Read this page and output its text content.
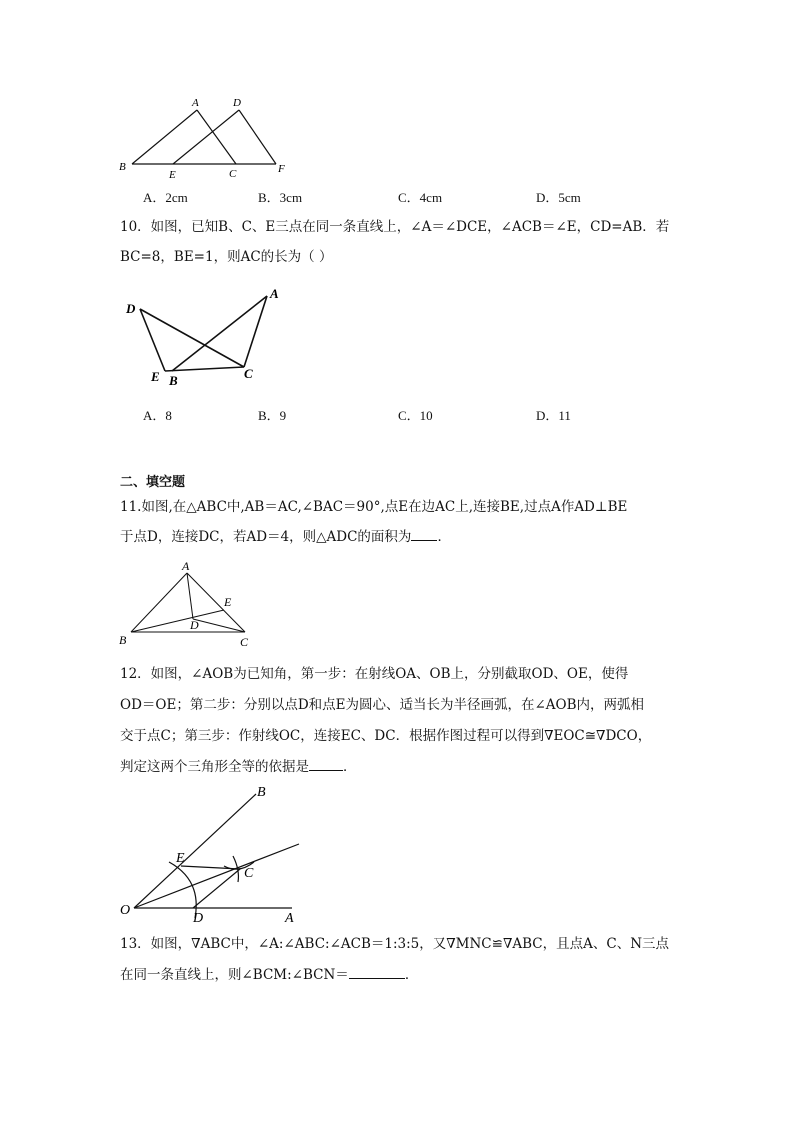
A	D
B
E	C	F
A．2cm	B．3cm	C．4cm	D．5cm
10．如图，已知B、C、E三点在同一条直线上，∠A＝∠DCE，∠ACB＝∠E，CD=AB．若
BC=8，BE=1，则AC的长为（ ）
D
A
E B	C
A．8	B．9	C．10	D．11
二、填空题
11.如图,在△ABC中,AB＝AC,∠BAC＝90°,点E在边AC上,连接BE,过点A作AD⊥BE
于点D，连接DC，若AD＝4，则△ADC的面积为 ．
A
E
D
B	C
12．如图，∠AOB为已知角，第一步：在射线OA、OB上，分别截取OD、OE，使得
OD＝OE；第二步：分别以点D和点E为圆心、适当长为半径画弧，在∠AOB内，两弧相
交于点C；第三步：作射线OC，连接EC、DC．根据作图过程可以得到∇EOC≅∇DCO，
判定这两个三角形全等的依据是	．
B
E
C
O
D	A
13．如图，∇ABC中，∠A:∠ABC:∠ACB＝1:3:5，又∇MNC≌∇ABC，且点A、C、N三点
在同一条直线上，则∠BCM:∠BCN＝	．
